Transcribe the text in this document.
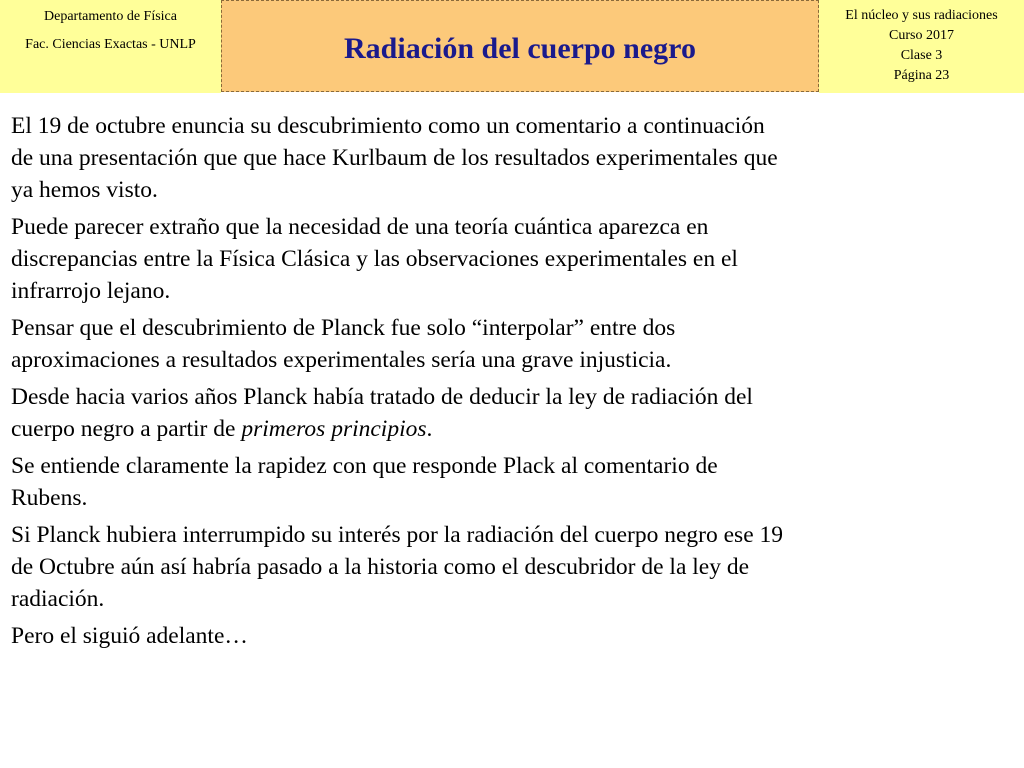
Departamento de Física
Fac. Ciencias Exactas - UNLP	Radiación del cuerpo negro
El núcleo y sus radiaciones
Curso 2017
Clase 3
Página 23
El 19 de octubre enuncia su descubrimiento como un comentario a continuación
de una presentación que que hace Kurlbaum de los resultados experimentales que
ya hemos visto.
Puede parecer extraño que la necesidad de una teoría cuántica aparezca en
discrepancias entre la Física Clásica y las observaciones experimentales en el
infrarrojo lejano.
Pensar que el descubrimiento de Planck fue solo “interpolar” entre dos
aproximaciones a resultados experimentales sería una grave injusticia.
Desde hacia varios años Planck había tratado de deducir la ley de radiación del
cuerpo negro a partir de primeros principios.
Se entiende claramente la rapidez con que responde Plack al comentario de
Rubens.
Si Planck hubiera interrumpido su interés por la radiación del cuerpo negro ese 19
de Octubre aún así habría pasado a la historia como el descubridor de la ley de
radiación.
Pero el siguió adelante…
